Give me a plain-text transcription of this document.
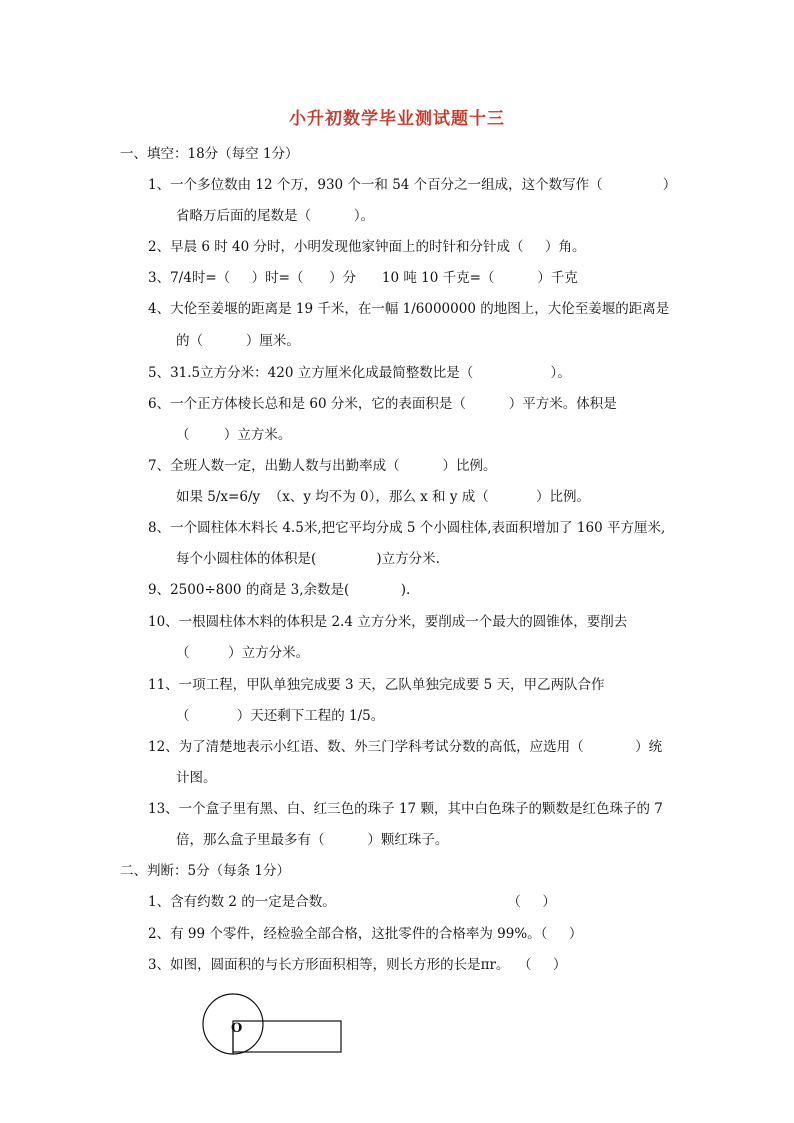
小升初数学毕业测试题十三
一、填空：18分（每空 1分）
1、一个多位数由 12 个万，930 个一和 54 个百分之一组成，这个数写作（              ）
省略万后面的尾数是（          ）。
2、早晨 6 时 40 分时，小明发现他家钟面上的时针和分针成（     ）角。
3、7/4时=（     ）时=（      ）分      10 吨 10 千克=（          ）千克
4、大伦至姜堰的距离是 19 千米，在一幅 1/6000000 的地图上，大伦至姜堰的距离是
的（          ）厘米。
5、31.5立方分米：420 立方厘米化成最简整数比是（                  ）。
6、一个正方体棱长总和是 60 分米，它的表面积是（          ）平方米。体积是
（        ）立方米。
7、全班人数一定，出勤人数与出勤率成（          ）比例。
如果 5/x=6/y  （x、y 均不为 0），那么 x 和 y 成（           ）比例。
8、一个圆柱体木料长 4.5米,把它平均分成 5 个小圆柱体,表面积增加了 160 平方厘米,
每个小圆柱体的体积是(              )立方分米.
9、2500÷800 的商是 3,余数是(            ).
10、一根圆柱体木料的体积是 2.4 立方分米，要削成一个最大的圆锥体，要削去
（         ）立方分米。
11、一项工程，甲队单独完成要 3 天，乙队单独完成要 5 天，甲乙两队合作
（           ）天还剩下工程的 1/5。
12、为了清楚地表示小红语、数、外三门学科考试分数的高低，应选用（            ）统
计图。
13、一个盒子里有黑、白、红三色的珠子 17 颗，其中白色珠子的颗数是红色珠子的 7
倍，那么盒子里最多有（          ）颗红珠子。
二、判断：5分（每条 1分）
1、含有约数 2 的一定是合数。                                        （     ）
2、有 99 个零件，经检验全部合格，这批零件的合格率为 99%。（     ）
3、如图，圆面积的与长方形面积相等，则长方形的长是πr。  （     ）
O
